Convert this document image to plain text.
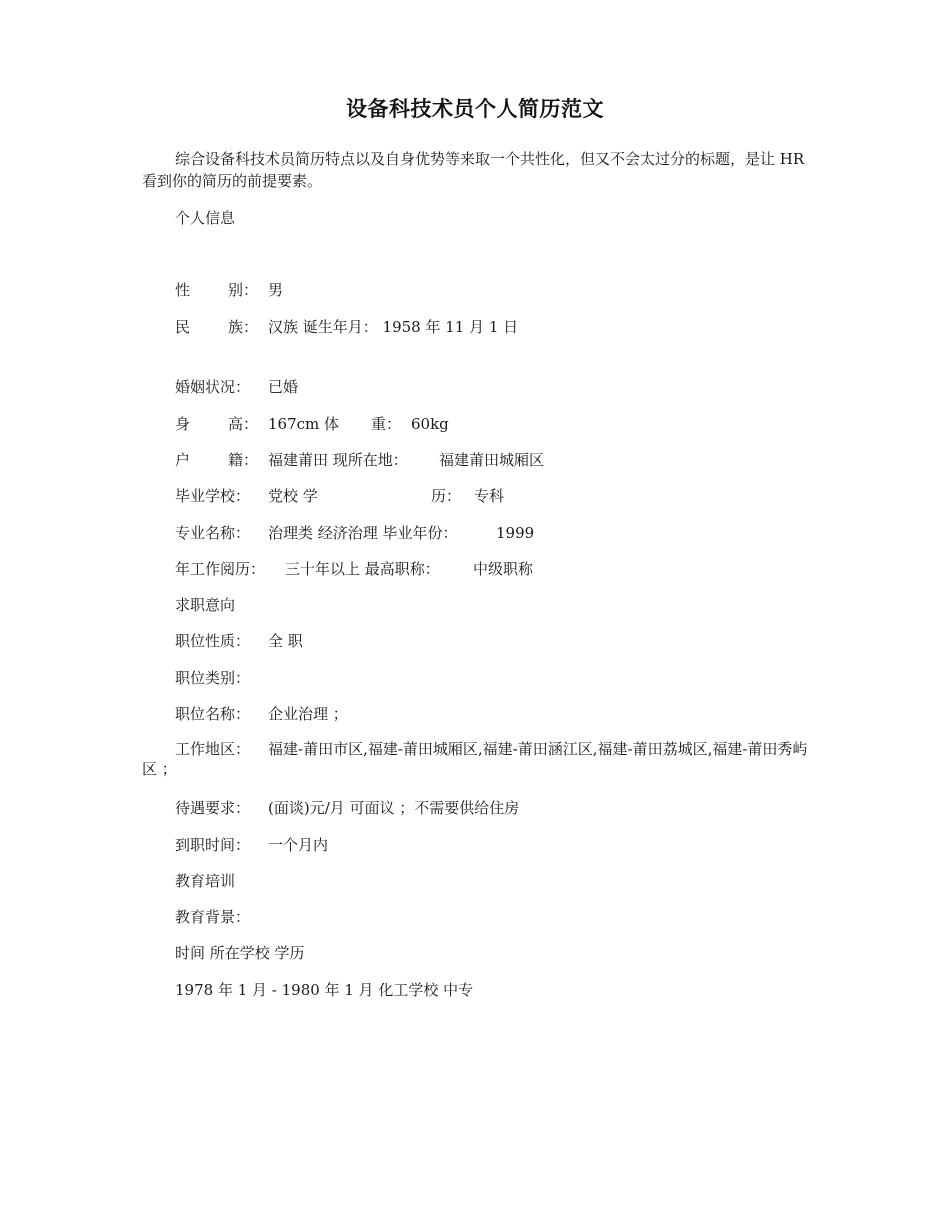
设备科技术员个人简历范文
综合设备科技术员简历特点以及自身优势等来取一个共性化，但又不会太过分的标题，是让 HR 看到你的简历的前提要素。
个人信息
性	别： 男
民	族： 汉族 诞生年月： 1958 年 11 月 1 日
婚姻状况： 已婚
身	高： 167cm 体 重： 60kg
户	籍： 福建莆田 现所在地： 福建莆田城厢区
毕业学校： 党校 学	历： 专科
专业名称： 治理类 经济治理 毕业年份：	1999
年工作阅历： 三十年以上 最高职称： 中级职称
求职意向
职位性质： 全 职
职位类别：
职位名称： 企业治理 ；
工作地区： 福建-莆田市区,福建-莆田城厢区,福建-莆田涵江区,福建-莆田荔城区,福建-莆田秀屿区 ；
待遇要求： (面谈)元/月 可面议 ；不需要供给住房
到职时间： 一个月内
教育培训
教育背景：
时间 所在学校 学历
1978 年 1 月 - 1980 年 1 月 化工学校 中专
